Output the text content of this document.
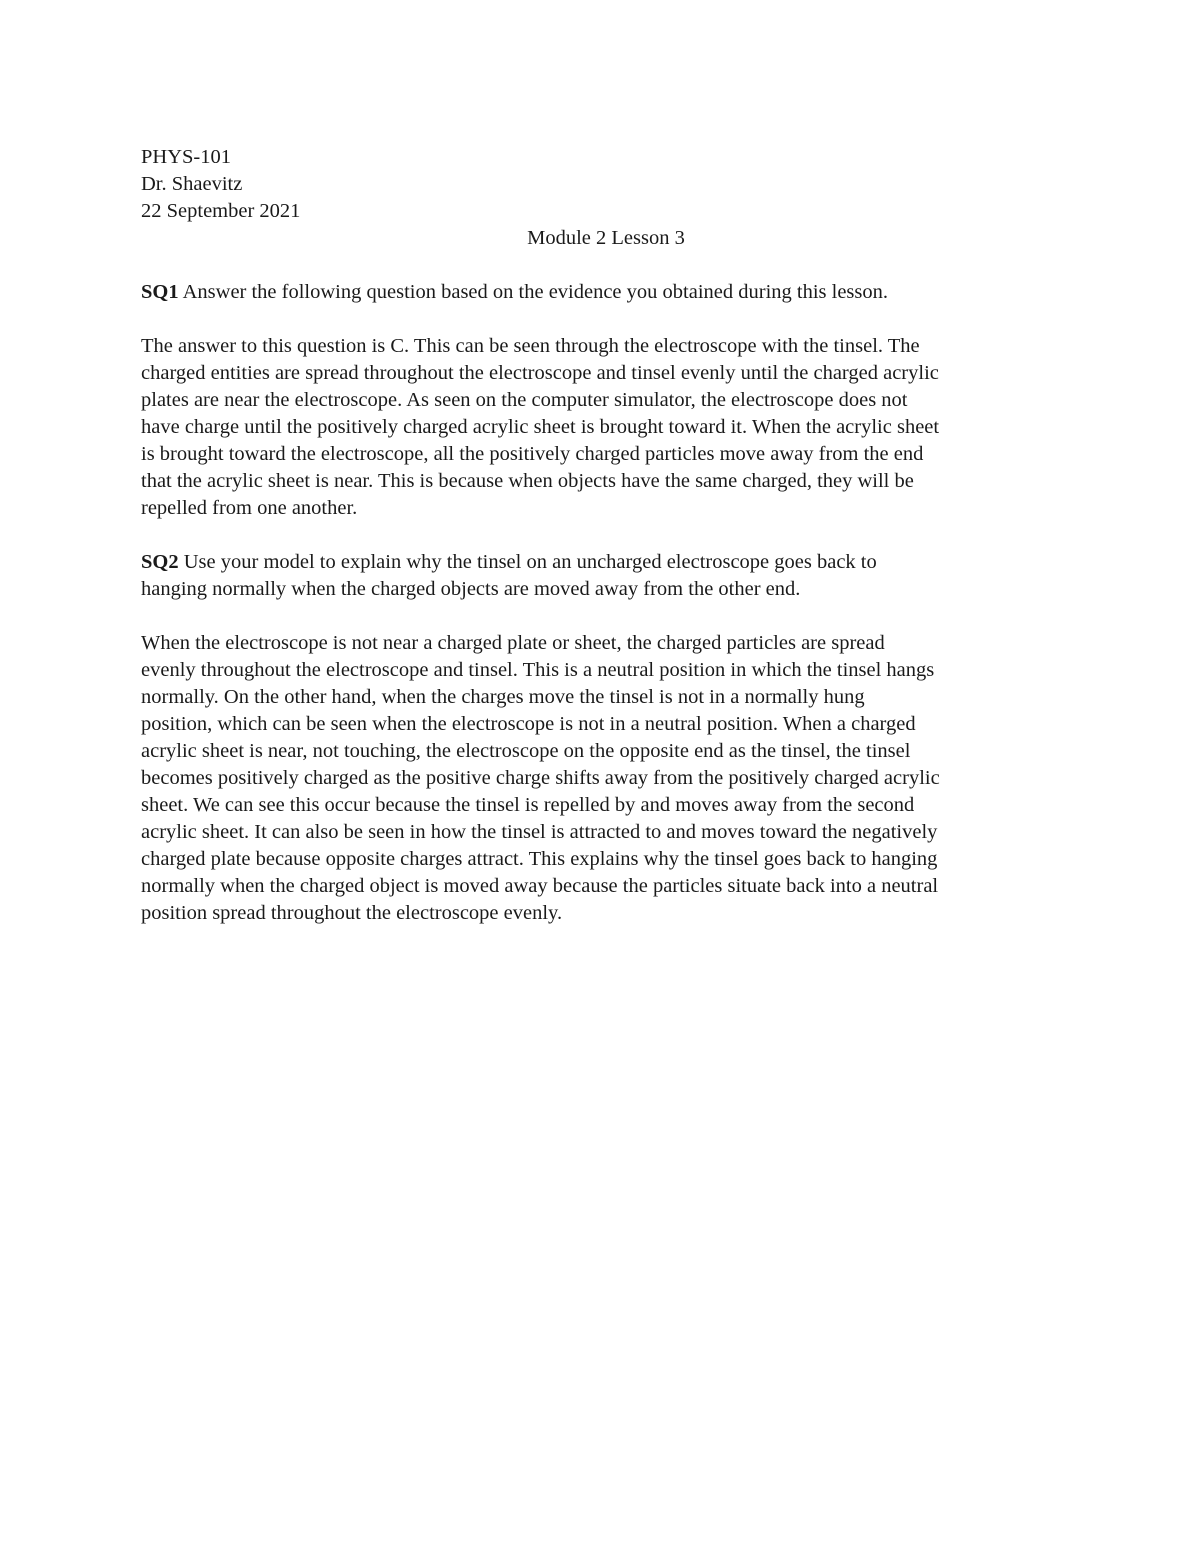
PHYS-101
Dr. Shaevitz
22 September 2021
Module 2 Lesson 3
SQ1 Answer the following question based on the evidence you obtained during this lesson.
The answer to this question is C. This can be seen through the electroscope with the tinsel. The
charged entities are spread throughout the electroscope and tinsel evenly until the charged acrylic
plates are near the electroscope. As seen on the computer simulator, the electroscope does not
have charge until the positively charged acrylic sheet is brought toward it. When the acrylic sheet
is brought toward the electroscope, all the positively charged particles move away from the end
that the acrylic sheet is near. This is because when objects have the same charged, they will be
repelled from one another.
SQ2 Use your model to explain why the tinsel on an uncharged electroscope goes back to
hanging normally when the charged objects are moved away from the other end.
When the electroscope is not near a charged plate or sheet, the charged particles are spread
evenly throughout the electroscope and tinsel. This is a neutral position in which the tinsel hangs
normally. On the other hand, when the charges move the tinsel is not in a normally hung
position, which can be seen when the electroscope is not in a neutral position. When a charged
acrylic sheet is near, not touching, the electroscope on the opposite end as the tinsel, the tinsel
becomes positively charged as the positive charge shifts away from the positively charged acrylic
sheet. We can see this occur because the tinsel is repelled by and moves away from the second
acrylic sheet. It can also be seen in how the tinsel is attracted to and moves toward the negatively
charged plate because opposite charges attract. This explains why the tinsel goes back to hanging
normally when the charged object is moved away because the particles situate back into a neutral
position spread throughout the electroscope evenly.
